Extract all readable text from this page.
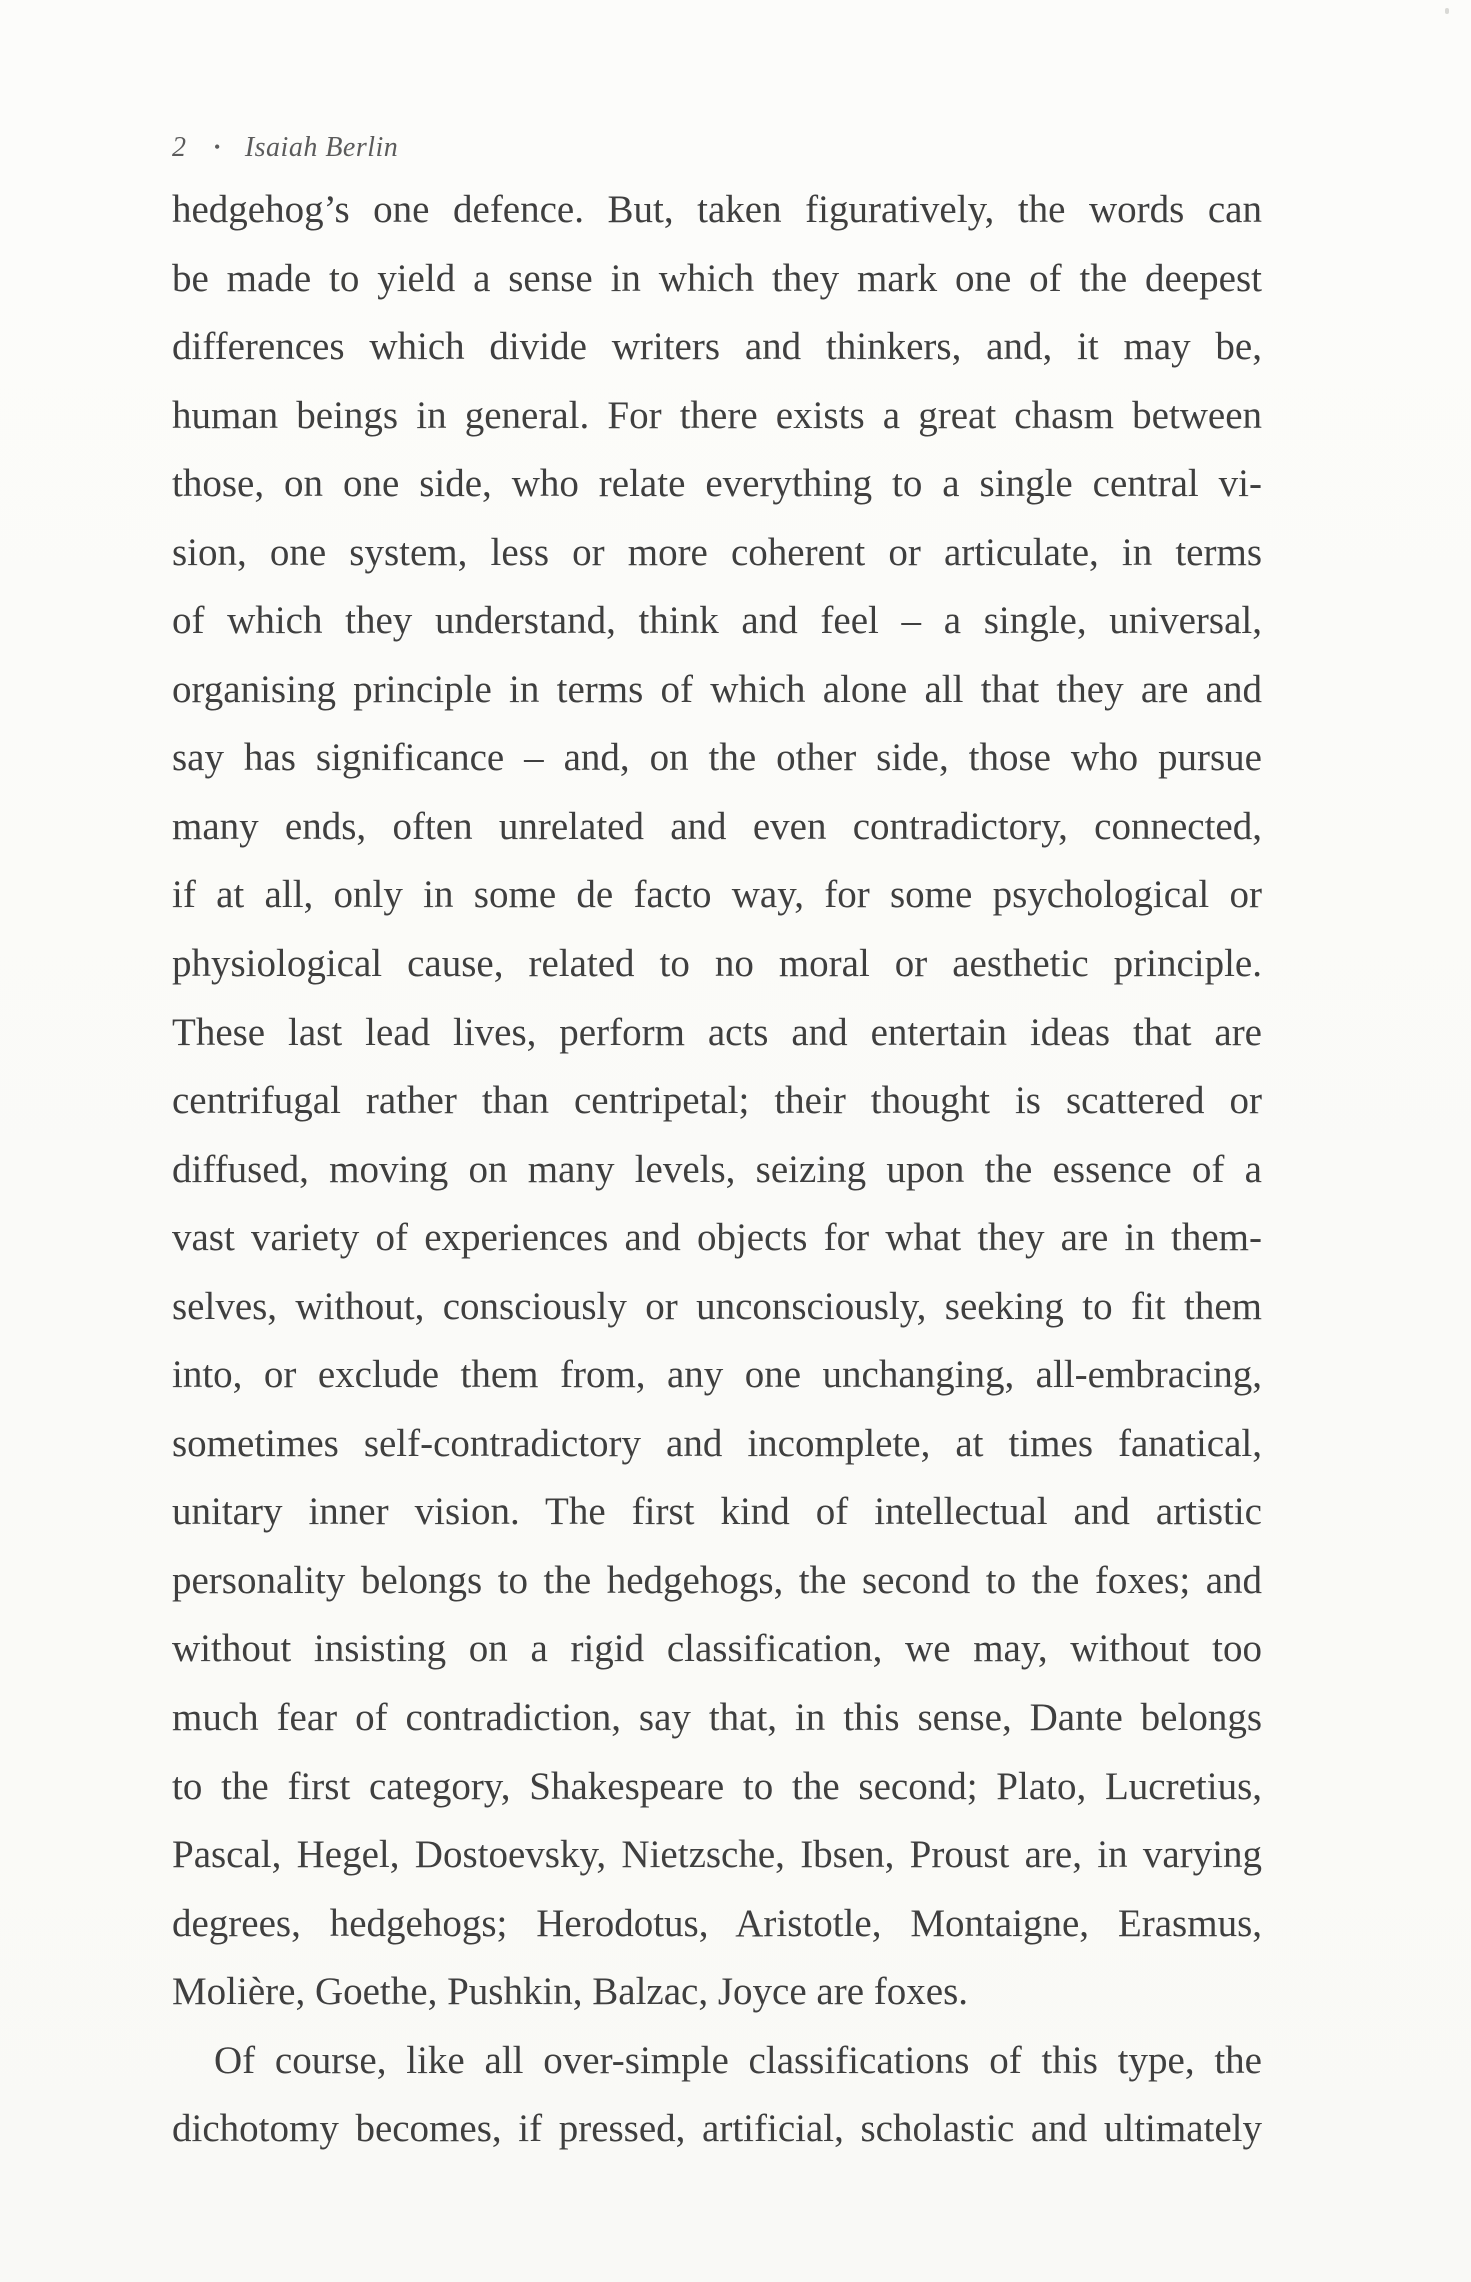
2 • Isaiah Berlin
hedgehog’s one defence. But, taken figuratively, the words can
be made to yield a sense in which they mark one of the deepest
differences which divide writers and thinkers, and, it may be,
human beings in general. For there exists a great chasm between
those, on one side, who relate everything to a single central vi-
sion, one system, less or more coherent or articulate, in terms
of which they understand, think and feel – a single, universal,
organising principle in terms of which alone all that they are and
say has significance – and, on the other side, those who pursue
many ends, often unrelated and even contradictory, connected,
if at all, only in some de facto way, for some psychological or
physiological cause, related to no moral or aesthetic principle.
These last lead lives, perform acts and entertain ideas that are
centrifugal rather than centripetal; their thought is scattered or
diffused, moving on many levels, seizing upon the essence of a
vast variety of experiences and objects for what they are in them-
selves, without, consciously or unconsciously, seeking to fit them
into, or exclude them from, any one unchanging, all-embracing,
sometimes self-contradictory and incomplete, at times fanatical,
unitary inner vision. The first kind of intellectual and artistic
personality belongs to the hedgehogs, the second to the foxes; and
without insisting on a rigid classification, we may, without too
much fear of contradiction, say that, in this sense, Dante belongs
to the first category, Shakespeare to the second; Plato, Lucretius,
Pascal, Hegel, Dostoevsky, Nietzsche, Ibsen, Proust are, in varying
degrees, hedgehogs; Herodotus, Aristotle, Montaigne, Erasmus,
Molière, Goethe, Pushkin, Balzac, Joyce are foxes.
Of course, like all over-simple classifications of this type, the
dichotomy becomes, if pressed, artificial, scholastic and ultimately
